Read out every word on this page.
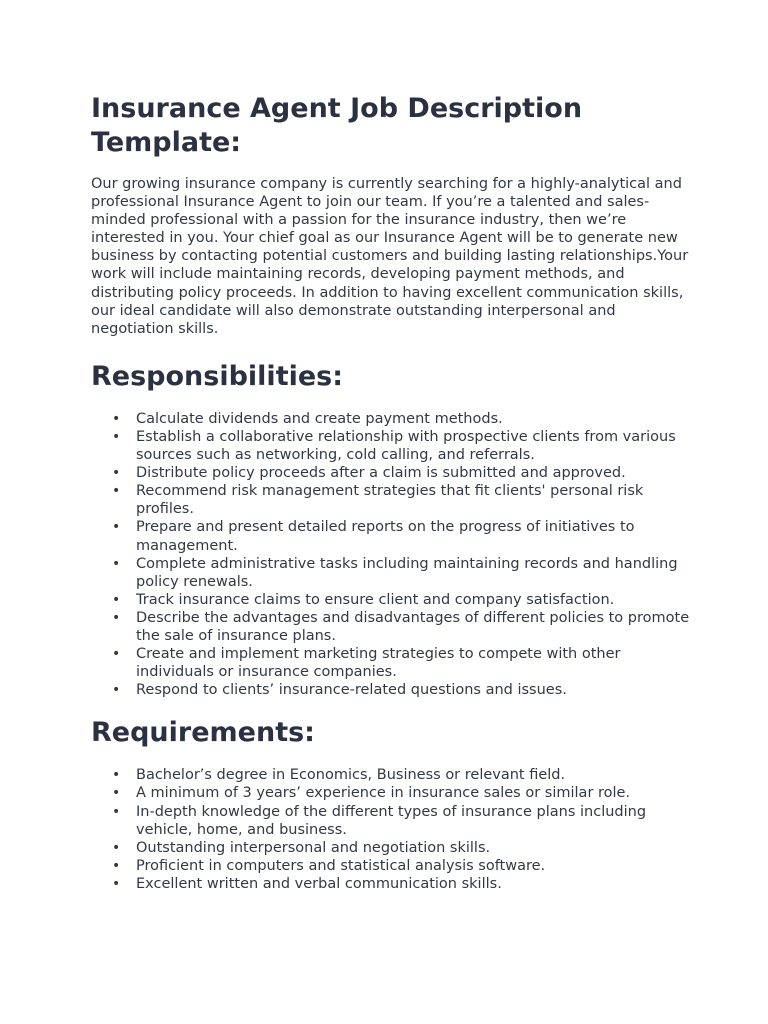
Insurance Agent Job Description Template:

Our growing insurance company is currently searching for a highly-analytical and professional Insurance Agent to join our team. If you’re a talented and sales-minded professional with a passion for the insurance industry, then we’re interested in you. Your chief goal as our Insurance Agent will be to generate new business by contacting potential customers and building lasting relationships.Your work will include maintaining records, developing payment methods, and distributing policy proceeds. In addition to having excellent communication skills, our ideal candidate will also demonstrate outstanding interpersonal and negotiation skills.

Responsibilities:
• Calculate dividends and create payment methods.
• Establish a collaborative relationship with prospective clients from various sources such as networking, cold calling, and referrals.
• Distribute policy proceeds after a claim is submitted and approved.
• Recommend risk management strategies that fit clients' personal risk profiles.
• Prepare and present detailed reports on the progress of initiatives to management.
• Complete administrative tasks including maintaining records and handling policy renewals.
• Track insurance claims to ensure client and company satisfaction.
• Describe the advantages and disadvantages of different policies to promote the sale of insurance plans.
• Create and implement marketing strategies to compete with other individuals or insurance companies.
• Respond to clients’ insurance-related questions and issues.
Requirements:
• Bachelor’s degree in Economics, Business or relevant field.
• A minimum of 3 years’ experience in insurance sales or similar role.
• In-depth knowledge of the different types of insurance plans including vehicle, home, and business.
• Outstanding interpersonal and negotiation skills.
• Proficient in computers and statistical analysis software.
• Excellent written and verbal communication skills.
